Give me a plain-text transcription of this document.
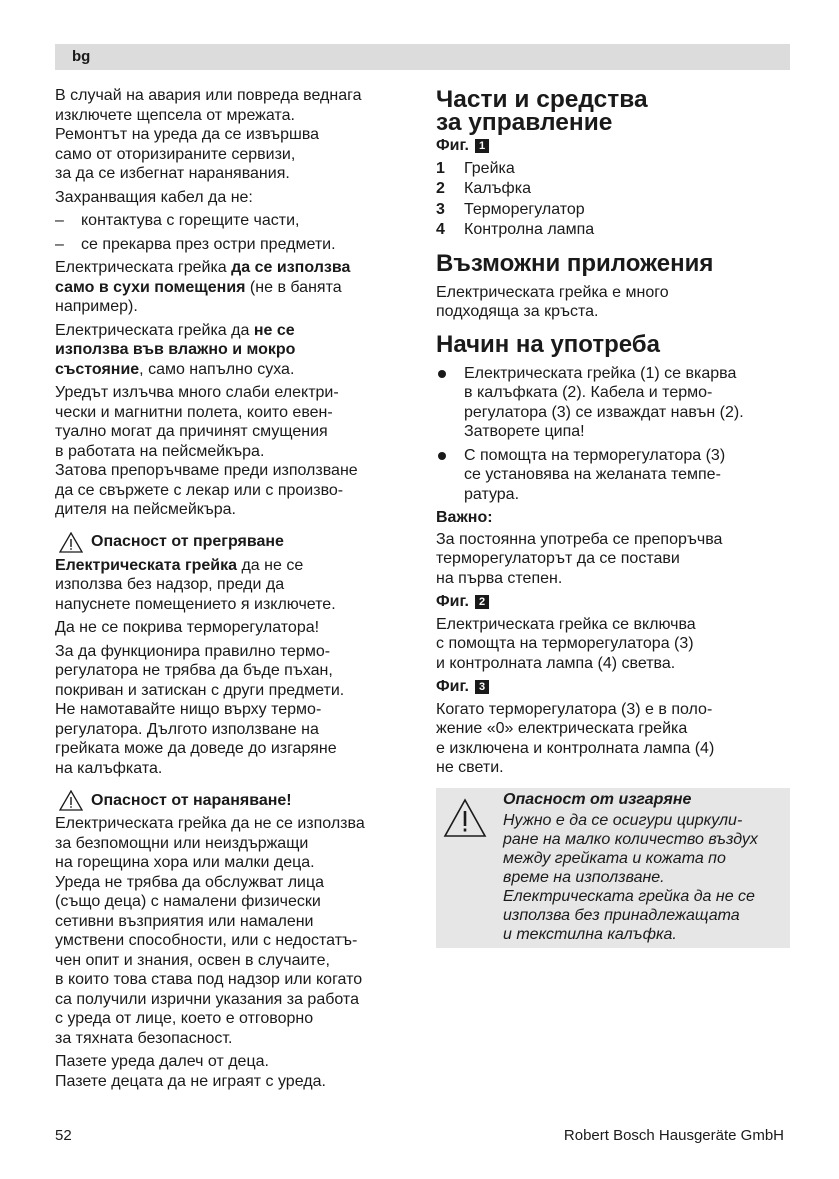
bg
В случай на авария или повреда веднага
изключете щепсела от мрежата.
Ремонтът на уреда да се извършва
само от оторизираните сервизи,
за да се избегнат наранявания.
Захранващия кабел да не:
–	контактува с горещите части,
–	се прекарва през остри предмети.
Електрическата грейка да се използва
само в сухи помещения (не в банята
например).
Електрическата грейка да не се
използва във влажно и мокро
състояние, само напълно суха.
Уредът излъчва много слаби електри-
чески и магнитни полета, които евен-
туално могат да причинят смущения
в работата на пейсмейкъра.
Затова препоръчваме преди използване
да се свържете с лекар или с произво-
дителя на пейсмейкъра.
Опасност от прегряване
Електрическата грейка да не се
използва без надзор, преди да
напуснете помещението я изключете.
Да не се покрива терморегулатора!
За да функционира правилно термо-
регулатора не трябва да бъде пъхан,
покриван и затискан с други предмети.
Не намотавайте нищо върху термо-
регулатора. Дългото използване на
грейката може да доведе до изгаряне
на калъфката.
Опасност от нараняване!
Електрическата грейка да не се използва
за безпомощни или неиздържащи
на горещина хора или малки деца.
Уреда не трябва да обслужват лица
(също деца) с намалени физически
сетивни възприятия или намалени
умствени способности, или с недостатъ-
чен опит и знания, освен в случаите,
в които това става под надзор или когато
са получили изрични указания за работа
с уреда от лице, което е отговорно
за тяхната безопасност.
Пазете уреда далеч от деца.
Пазете децата да не играят с уреда.
Части и средства
за управление
Фиг. 1
1	Грейка
2	Калъфка
3	Терморегулатор
4	Контролна лампа
Възможни приложения
Електрическата грейка е много
подходяща за кръста.
Начин на употреба
Електрическата грейка (1) се вкарва
в калъфката (2). Кабела и термо-
регулатора (3) се изваждат навън (2).
Затворете ципа!
С помощта на терморегулатора (3)
се установява на желаната темпе-
ратура.
Важно:
За постоянна употреба се препоръчва
терморегулаторът да се постави
на първа степен.
Фиг. 2
Електрическата грейка се включва
с помощта на терморегулатора (3)
и контролната лампа (4) светва.
Фиг. 3
Когато терморегулатора (3) е в поло-
жение «0» електрическата грейка
е изключена и контролната лампа (4)
не свети.
Опасност от изгаряне
Нужно е да се осигури циркули-
ране на малко количество въздух
между грейката и кожата по
време на използване.
Електрическата грейка да не се
използва без принадлежащата
и текстилна калъфка.
52	Robert Bosch Hausgeräte GmbH
